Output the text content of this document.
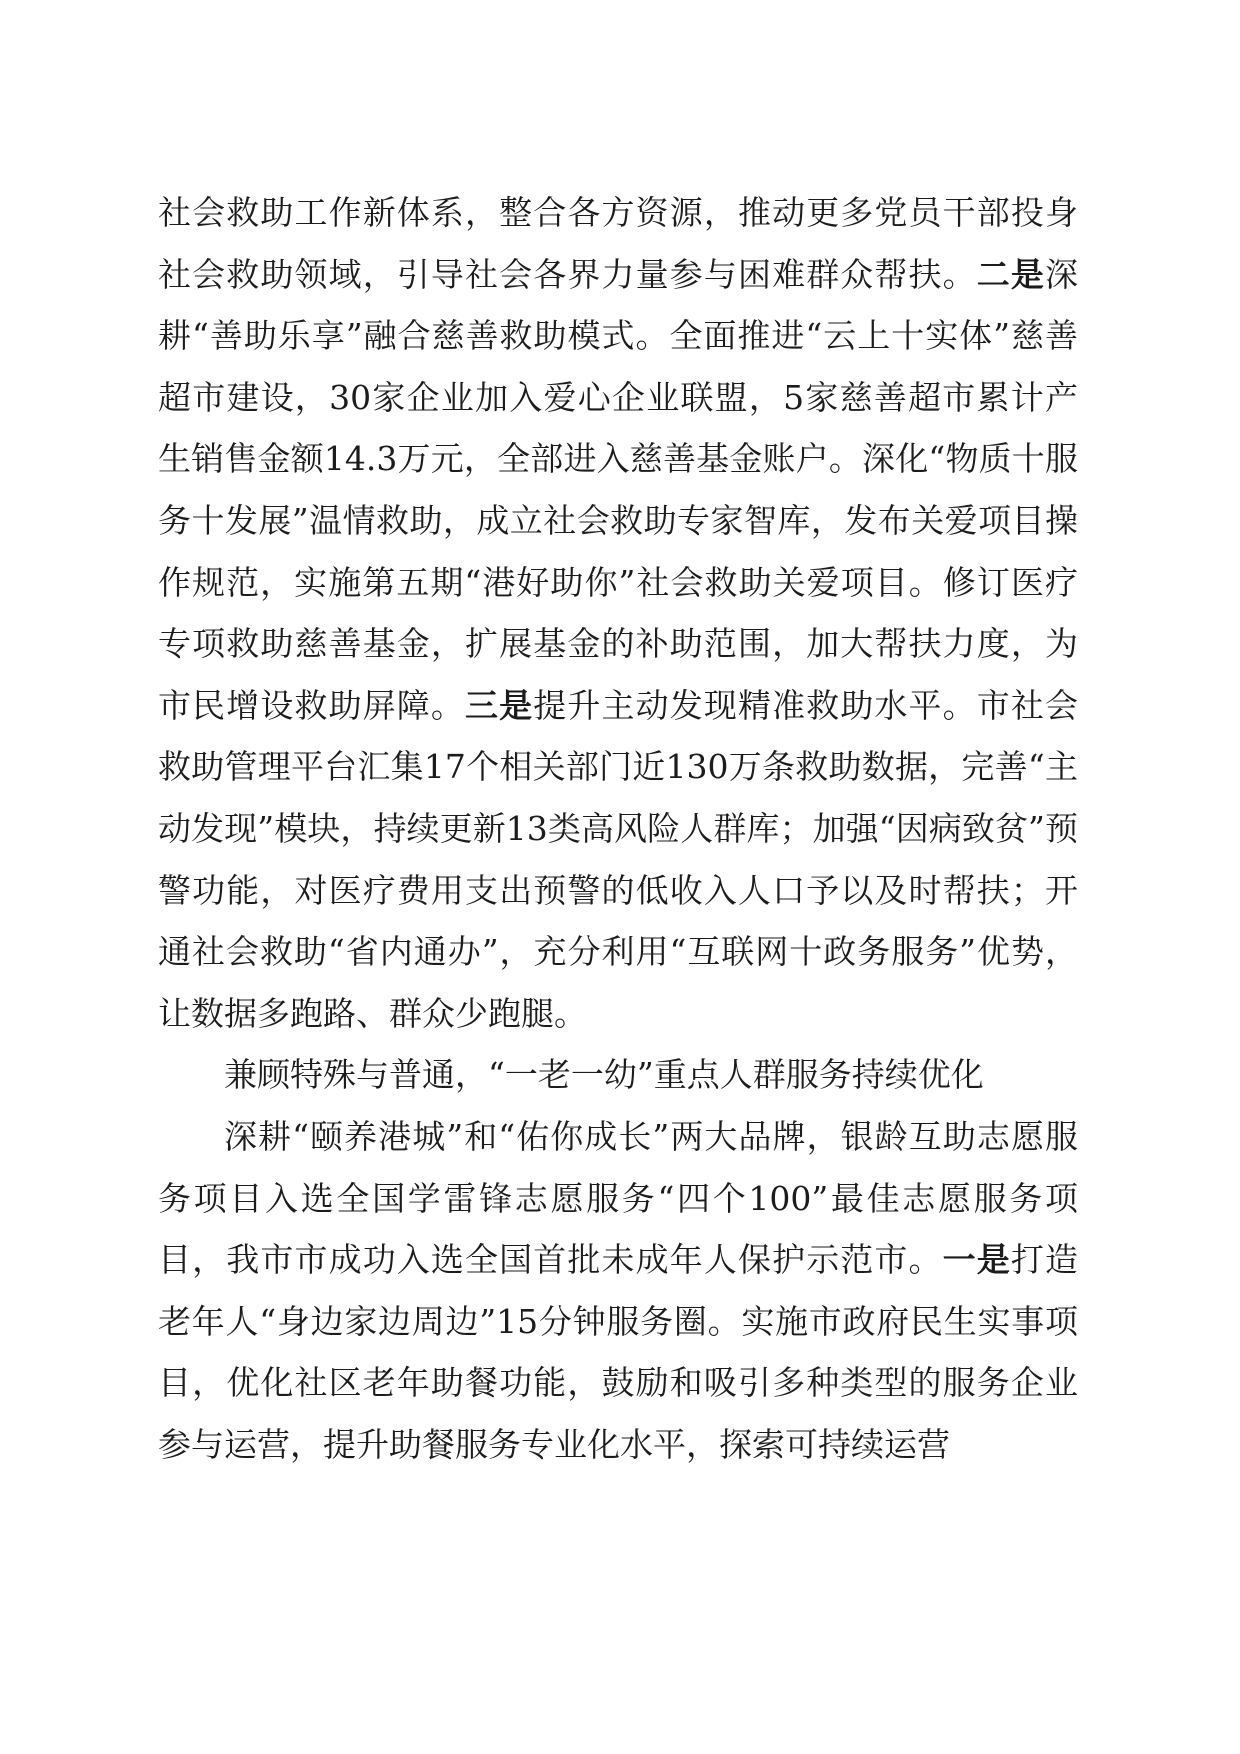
社会救助工作新体系，整合各方资源，推动更多党员干部投身社会救助领域，引导社会各界力量参与困难群众帮扶。二是深耕“善助乐享”融合慈善救助模式。全面推进“云上十实体”慈善超市建设，30家企业加入爱心企业联盟，5家慈善超市累计产生销售金额14.3万元，全部进入慈善基金账户。深化“物质十服务十发展”温情救助，成立社会救助专家智库，发布关爱项目操作规范，实施第五期“港好助你”社会救助关爱项目。修订医疗专项救助慈善基金，扩展基金的补助范围，加大帮扶力度，为市民增设救助屏障。三是提升主动发现精准救助水平。市社会救助管理平台汇集17个相关部门近130万条救助数据，完善“主动发现”模块，持续更新13类高风险人群库；加强“因病致贫”预警功能，对医疗费用支出预警的低收入人口予以及时帮扶；开通社会救助“省内通办”，充分利用“互联网十政务服务”优势，让数据多跑路、群众少跑腿。

兼顾特殊与普通，“一老一幼”重点人群服务持续优化

深耕“颐养港城”和“佑你成长”两大品牌，银龄互助志愿服务项目入选全国学雷锋志愿服务“四个100”最佳志愿服务项目，我市市成功入选全国首批未成年人保护示范市。一是打造老年人“身边家边周边”15分钟服务圈。实施市政府民生实事项目，优化社区老年助餐功能，鼓励和吸引多种类型的服务企业参与运营，提升助餐服务专业化水平，探索可持续运营
